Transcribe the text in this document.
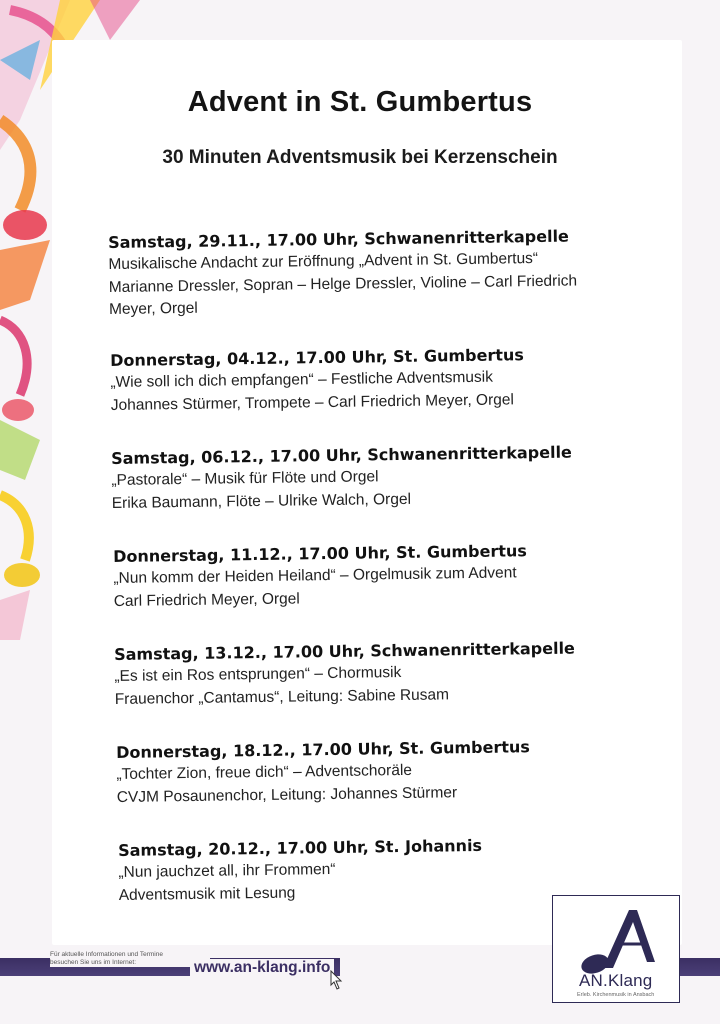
Advent in St. Gumbertus
30 Minuten Adventsmusik bei Kerzenschein
Samstag, 29.11., 17.00 Uhr, Schwanenritterkapelle
Musikalische Andacht zur Eröffnung „Advent in St. Gumbertus“
Marianne Dressler, Sopran – Helge Dressler, Violine – Carl Friedrich
Meyer, Orgel
Donnerstag, 04.12., 17.00 Uhr, St. Gumbertus
„Wie soll ich dich empfangen“ – Festliche Adventsmusik
Johannes Stürmer, Trompete – Carl Friedrich Meyer, Orgel
Samstag, 06.12., 17.00 Uhr, Schwanenritterkapelle
„Pastorale“ – Musik für Flöte und Orgel
Erika Baumann, Flöte – Ulrike Walch, Orgel
Donnerstag, 11.12., 17.00 Uhr, St. Gumbertus
„Nun komm der Heiden Heiland“ – Orgelmusik zum Advent
Carl Friedrich Meyer, Orgel
Samstag, 13.12., 17.00 Uhr, Schwanenritterkapelle
„Es ist ein Ros entsprungen“ – Chormusik
Frauenchor „Cantamus“, Leitung: Sabine Rusam
Donnerstag, 18.12., 17.00 Uhr, St. Gumbertus
„Tochter Zion, freue dich“ – Adventschoräle
CVJM Posaunenchor, Leitung: Johannes Stürmer
Samstag, 20.12., 17.00 Uhr, St. Johannis
„Nun jauchzet all, ihr Frommen“
Adventsmusik mit Lesung
Für aktuelle Informationen und Termine
besuchen Sie uns im Internet:	www.an-klang.info
AN.Klang
Erleb. Kirchenmusik in Ansbach
